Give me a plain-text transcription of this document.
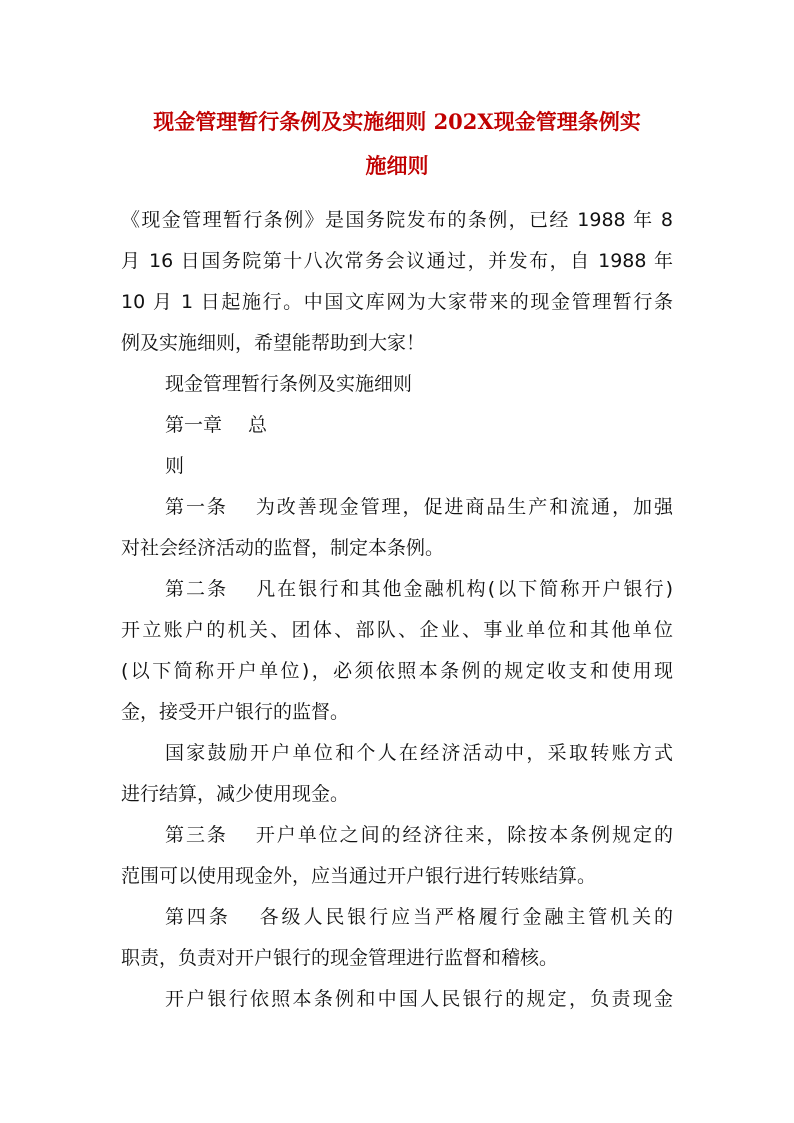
现金管理暂行条例及实施细则 202X现金管理条例实
施细则
《现金管理暂行条例》是国务院发布的条例，已经 1988 年 8
月 16 日国务院第十八次常务会议通过，并发布，自 1988 年
10 月 1 日起施行。中国文库网为大家带来的现金管理暂行条
例及实施细则，希望能帮助到大家！
现金管理暂行条例及实施细则
第一章 总
则
第一条 为改善现金管理，促进商品生产和流通，加强
对社会经济活动的监督，制定本条例。
第二条 凡在银行和其他金融机构(以下简称开户银行)
开立账户的机关、团体、部队、企业、事业单位和其他单位
(以下简称开户单位)，必须依照本条例的规定收支和使用现
金，接受开户银行的监督。
国家鼓励开户单位和个人在经济活动中，采取转账方式
进行结算，减少使用现金。
第三条 开户单位之间的经济往来，除按本条例规定的
范围可以使用现金外，应当通过开户银行进行转账结算。
第四条 各级人民银行应当严格履行金融主管机关的
职责，负责对开户银行的现金管理进行监督和稽核。
开户银行依照本条例和中国人民银行的规定，负责现金
